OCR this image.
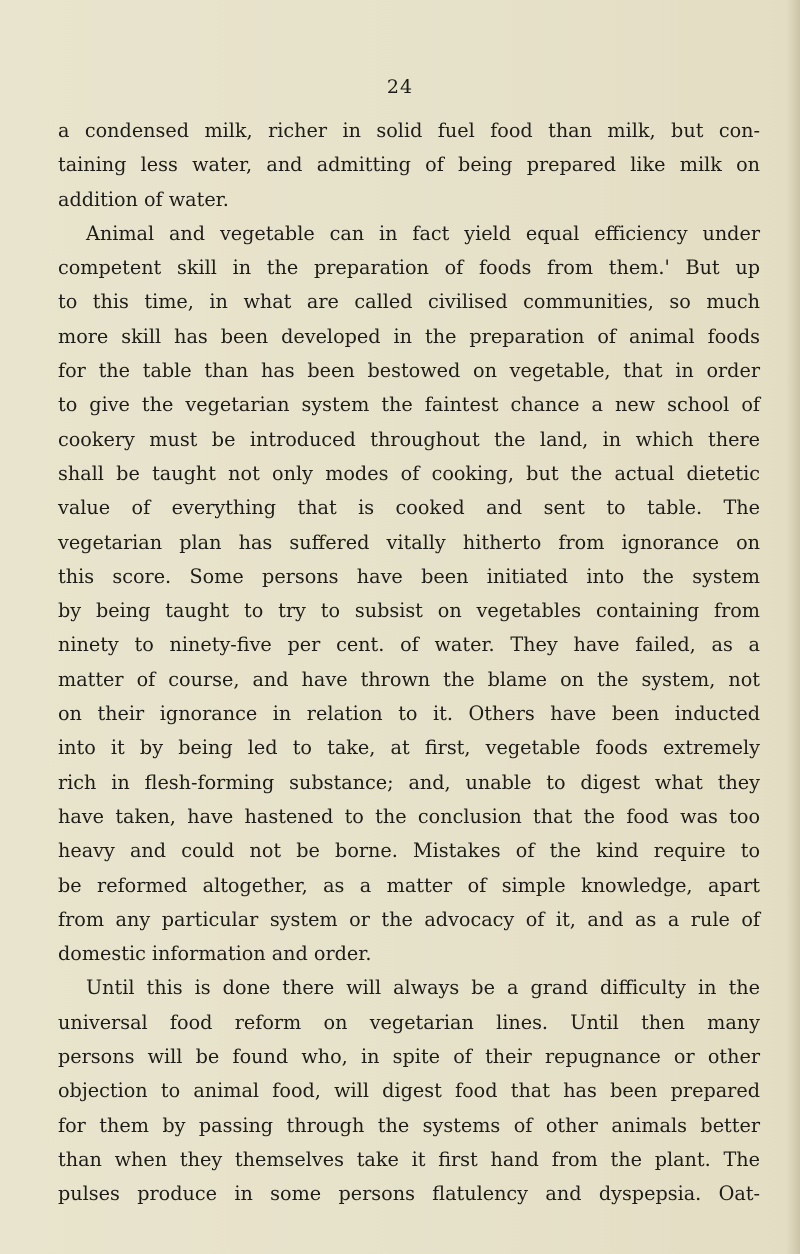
24
a condensed milk, richer in solid fuel food than milk, but con-
taining less water, and admitting of being prepared like milk on
addition of water.
Animal and vegetable can in fact yield equal efficiency under
competent skill in the preparation of foods from them.' But up
to this time, in what are called civilised communities, so much
more skill has been developed in the preparation of animal foods
for the table than has been bestowed on vegetable, that in order
to give the vegetarian system the faintest chance a new school of
cookery must be introduced throughout the land, in which there
shall be taught not only modes of cooking, but the actual dietetic
value of everything that is cooked and sent to table. The
vegetarian plan has suffered vitally hitherto from ignorance on
this score. Some persons have been initiated into the system
by being taught to try to subsist on vegetables containing from
ninety to ninety-five per cent. of water. They have failed, as a
matter of course, and have thrown the blame on the system, not
on their ignorance in relation to it. Others have been inducted
into it by being led to take, at first, vegetable foods extremely
rich in flesh-forming substance; and, unable to digest what they
have taken, have hastened to the conclusion that the food was too
heavy and could not be borne. Mistakes of the kind require to
be reformed altogether, as a matter of simple knowledge, apart
from any particular system or the advocacy of it, and as a rule of
domestic information and order.
Until this is done there will always be a grand difficulty in the
universal food reform on vegetarian lines. Until then many
persons will be found who, in spite of their repugnance or other
objection to animal food, will digest food that has been prepared
for them by passing through the systems of other animals better
than when they themselves take it first hand from the plant. The
pulses produce in some persons flatulency and dyspepsia. Oat-
